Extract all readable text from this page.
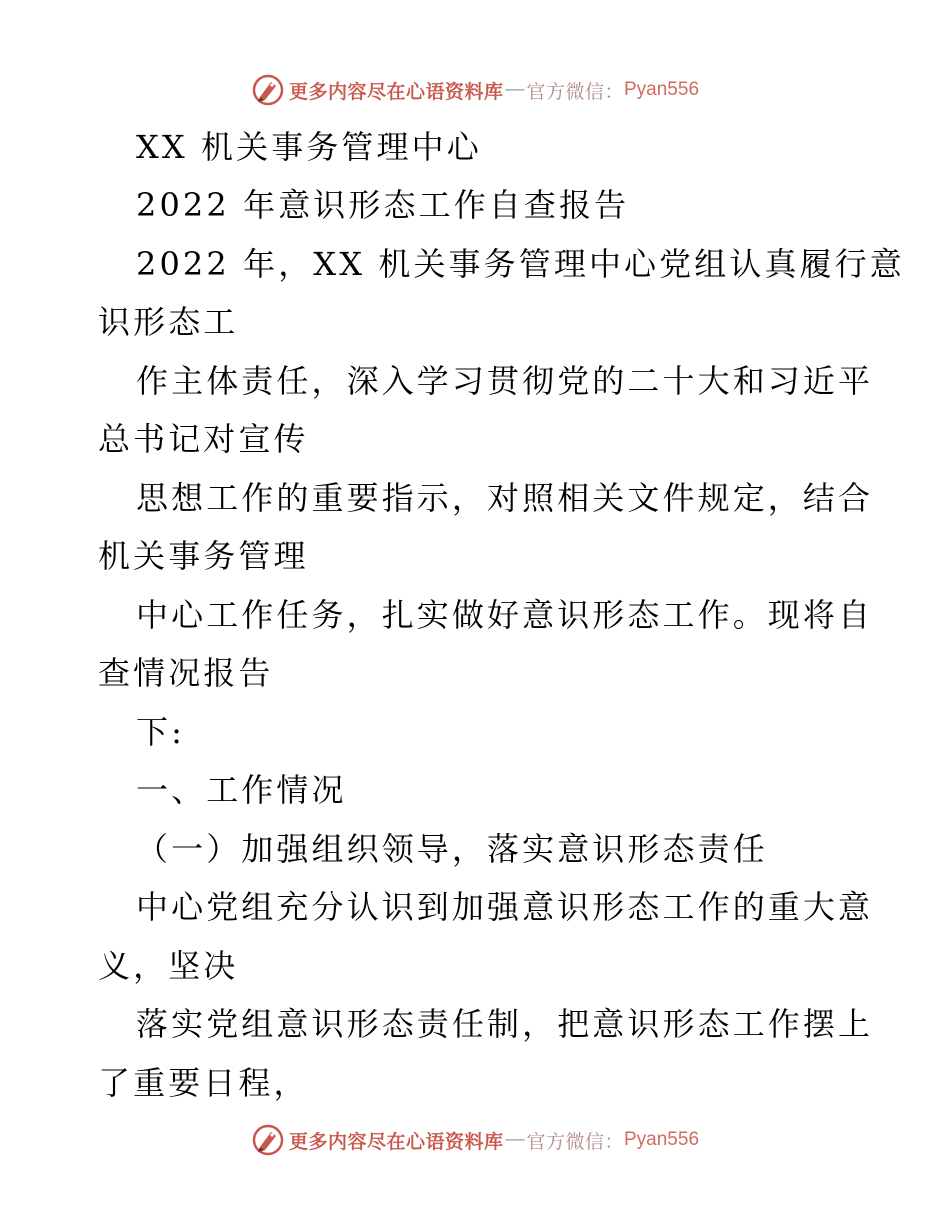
更多内容尽在心语资料库 — 官方微信： Pyan556
XX 机关事务管理中心
2022 年意识形态工作自查报告
2022 年，XX 机关事务管理中心党组认真履行意
识形态工
作主体责任，深入学习贯彻党的二十大和习近平
总书记对宣传
思想工作的重要指示，对照相关文件规定，结合
机关事务管理
中心工作任务，扎实做好意识形态工作。现将自
查情况报告
下:
一、工作情况
（一）加强组织领导，落实意识形态责任
中心党组充分认识到加强意识形态工作的重大意
义，坚决
落实党组意识形态责任制，把意识形态工作摆上
了重要日程，
更多内容尽在心语资料库 — 官方微信： Pyan556
